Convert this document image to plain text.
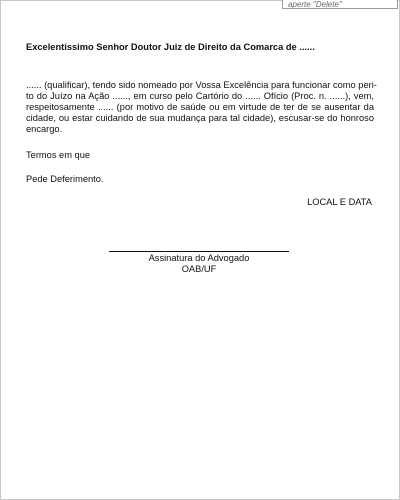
aperte "Delete"
Excelentíssimo Senhor Doutor Juiz de Direito da Comarca de ......
...... (qualificar), tendo sido nomeado por Vossa Excelência para funcionar como peri-
to do Juízo na Ação ......, em curso pelo Cartório do ...... Ofício (Proc. n. ......), vem,
respeitosamente ...... (por motivo de saúde ou em virtude de ter de se ausentar da
cidade, ou estar cuidando de sua mudança para tal cidade), escusar-se do honroso
encargo.
Termos em que
Pede Deferimento.
LOCAL E DATA
Assinatura do Advogado
OAB/UF
